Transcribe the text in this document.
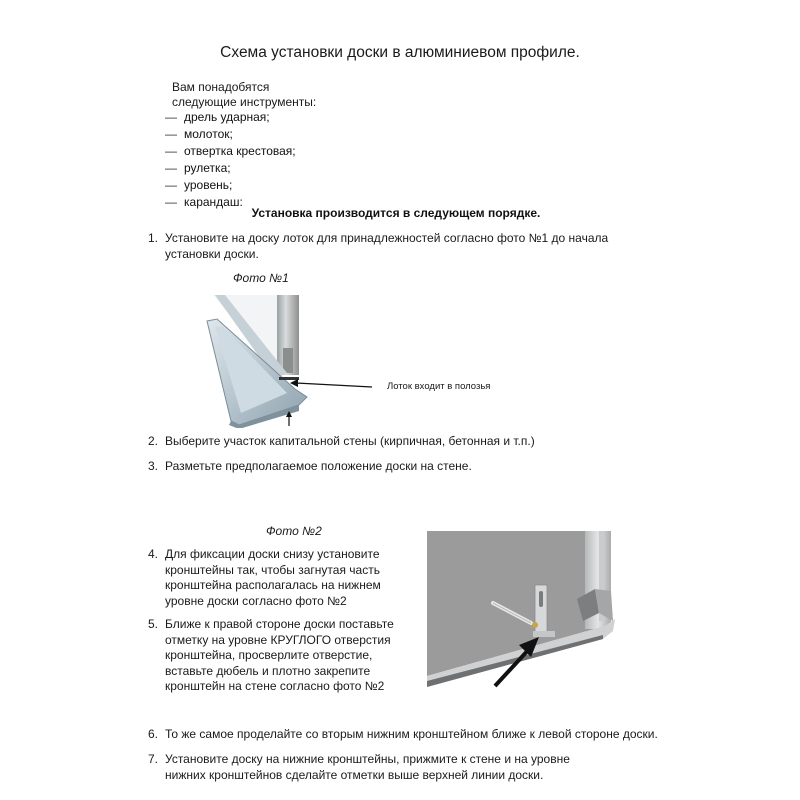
Схема установки доски в алюминиевом профиле.
Вам понадобятся
следующие инструменты:
— дрель ударная;
— молоток;
— отвертка крестовая;
— рулетка;
— уровень;
— карандаш:
Установка производится в следующем порядке.
1. Установите на доску лоток для принадлежностей согласно фото №1 до начала установки доски.
Фото №1
Лоток входит в полозья
2. Выберите участок капитальной стены (кирпичная, бетонная и т.п.)
3. Разметьте предполагаемое положение доски на стене.
Фото №2
4. Для фиксации доски снизу установите кронштейны так, чтобы загнутая часть кронштейна располагалась на нижнем уровне доски согласно фото №2
5. Ближе к правой стороне доски поставьте отметку на уровне КРУГЛОГО отверстия кронштейна, просверлите отверстие, вставьте дюбель и плотно закрепите кронштейн на стене согласно фото №2
6. То же самое проделайте со вторым нижним кронштейном ближе к левой стороне доски.
7. Установите доску на нижние кронштейны, прижмите к стене и на уровне нижних кронштейнов сделайте отметки выше верхней линии доски.
